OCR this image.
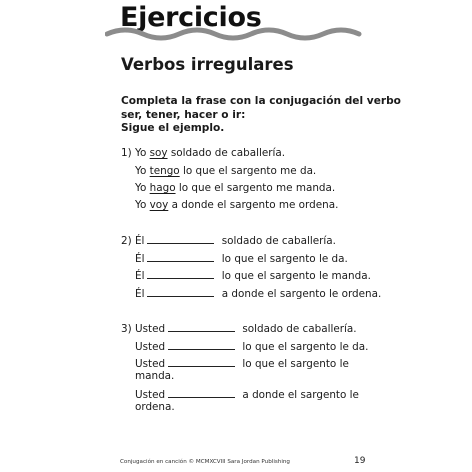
Ejercicios
Verbos irregulares
Completa la frase con la conjugación del verbo
ser, tener, hacer o ir:
Sigue el ejemplo.
1) Yo soy soldado de caballería.
Yo tengo lo que el sargento me da.
Yo hago lo que el sargento me manda.
Yo voy a donde el sargento me ordena.
2) Él	soldado de caballería.
Él	lo que el sargento le da.
Él	lo que el sargento le manda.
Él	a donde el sargento le ordena.
3) Usted	soldado de caballería.
Usted	lo que el sargento le da.
Usted	lo que el sargento le
manda.
Usted	a donde el sargento le
ordena.
Conjugación en canción © MCMXCVIII Sara Jordan Publishing	19
